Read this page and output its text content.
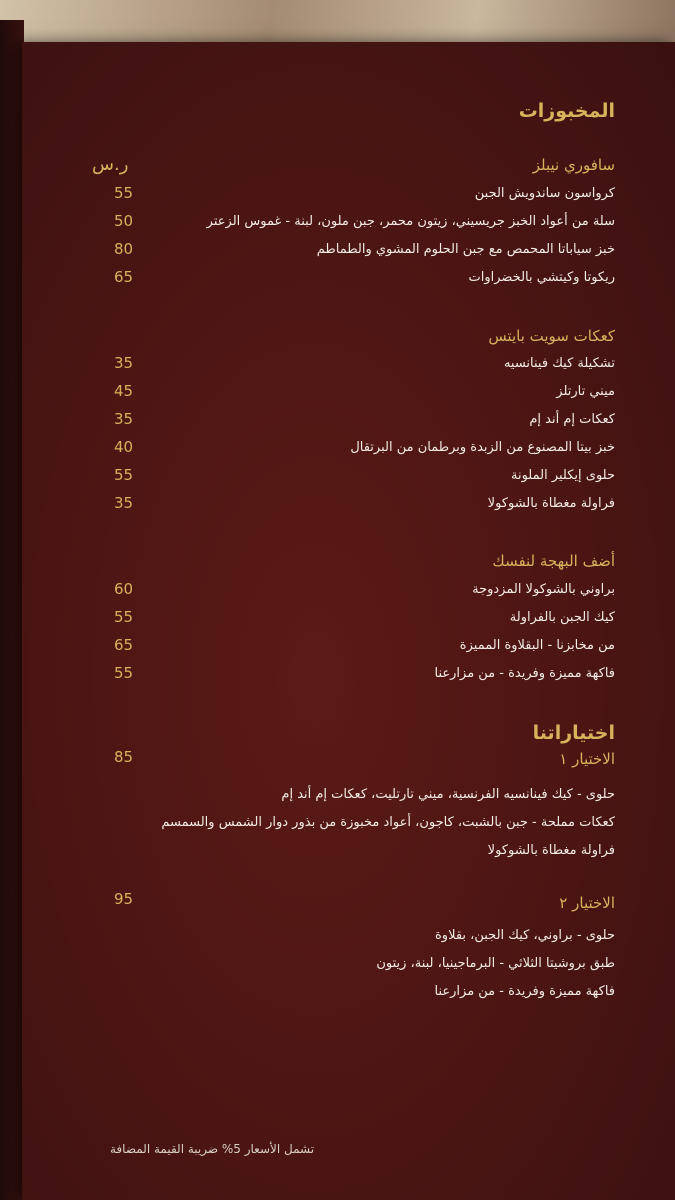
المخبوزات
ر.س	سافوري نيبلز
كرواسون ساندويش الجبن
55
سلة من أعواد الخبز جريسيني، زيتون محمر، جبن ملون، لبنة - غموس الزعتر
50
خبز سياباتا المحمص مع جبن الحلوم المشوي والطماطم
80
ريكوتا وكيتشي بالخضراوات
65
كعكات سويت بايتس
تشكيلة كيك فينانسيه
35
ميني تارتلز
45
كعكات إم أند إم
35
خبز بيتا المصنوع من الزبدة وبرطمان من البرتقال
40
حلوى إيكلير الملونة
55
فراولة مغطاة بالشوكولا
35
أضف البهجة لنفسك
براوني بالشوكولا المزدوجة
60
كيك الجبن بالفراولة
55
من مخابزنا - البقلاوة المميزة
65
فاكهة مميزة وفريدة - من مزارعنا
55
اختياراتنا
الاختيار ١
85
حلوى - كيك فينانسيه الفرنسية، ميني تارتليت، كعكات إم أند إم
كعكات مملحة - جبن بالشبت، كاجون، أعواد مخبوزة من بذور دوار الشمس والسمسم
فراولة مغطاة بالشوكولا
الاختيار ٢
95
حلوى - براوني، كيك الجبن، بقلاوة
طبق بروشيتا الثلاثي - البرماجينيا، لبنة، زيتون
فاكهة مميزة وفريدة - من مزارعنا
تشمل الأسعار 5% ضريبة القيمة المضافة
